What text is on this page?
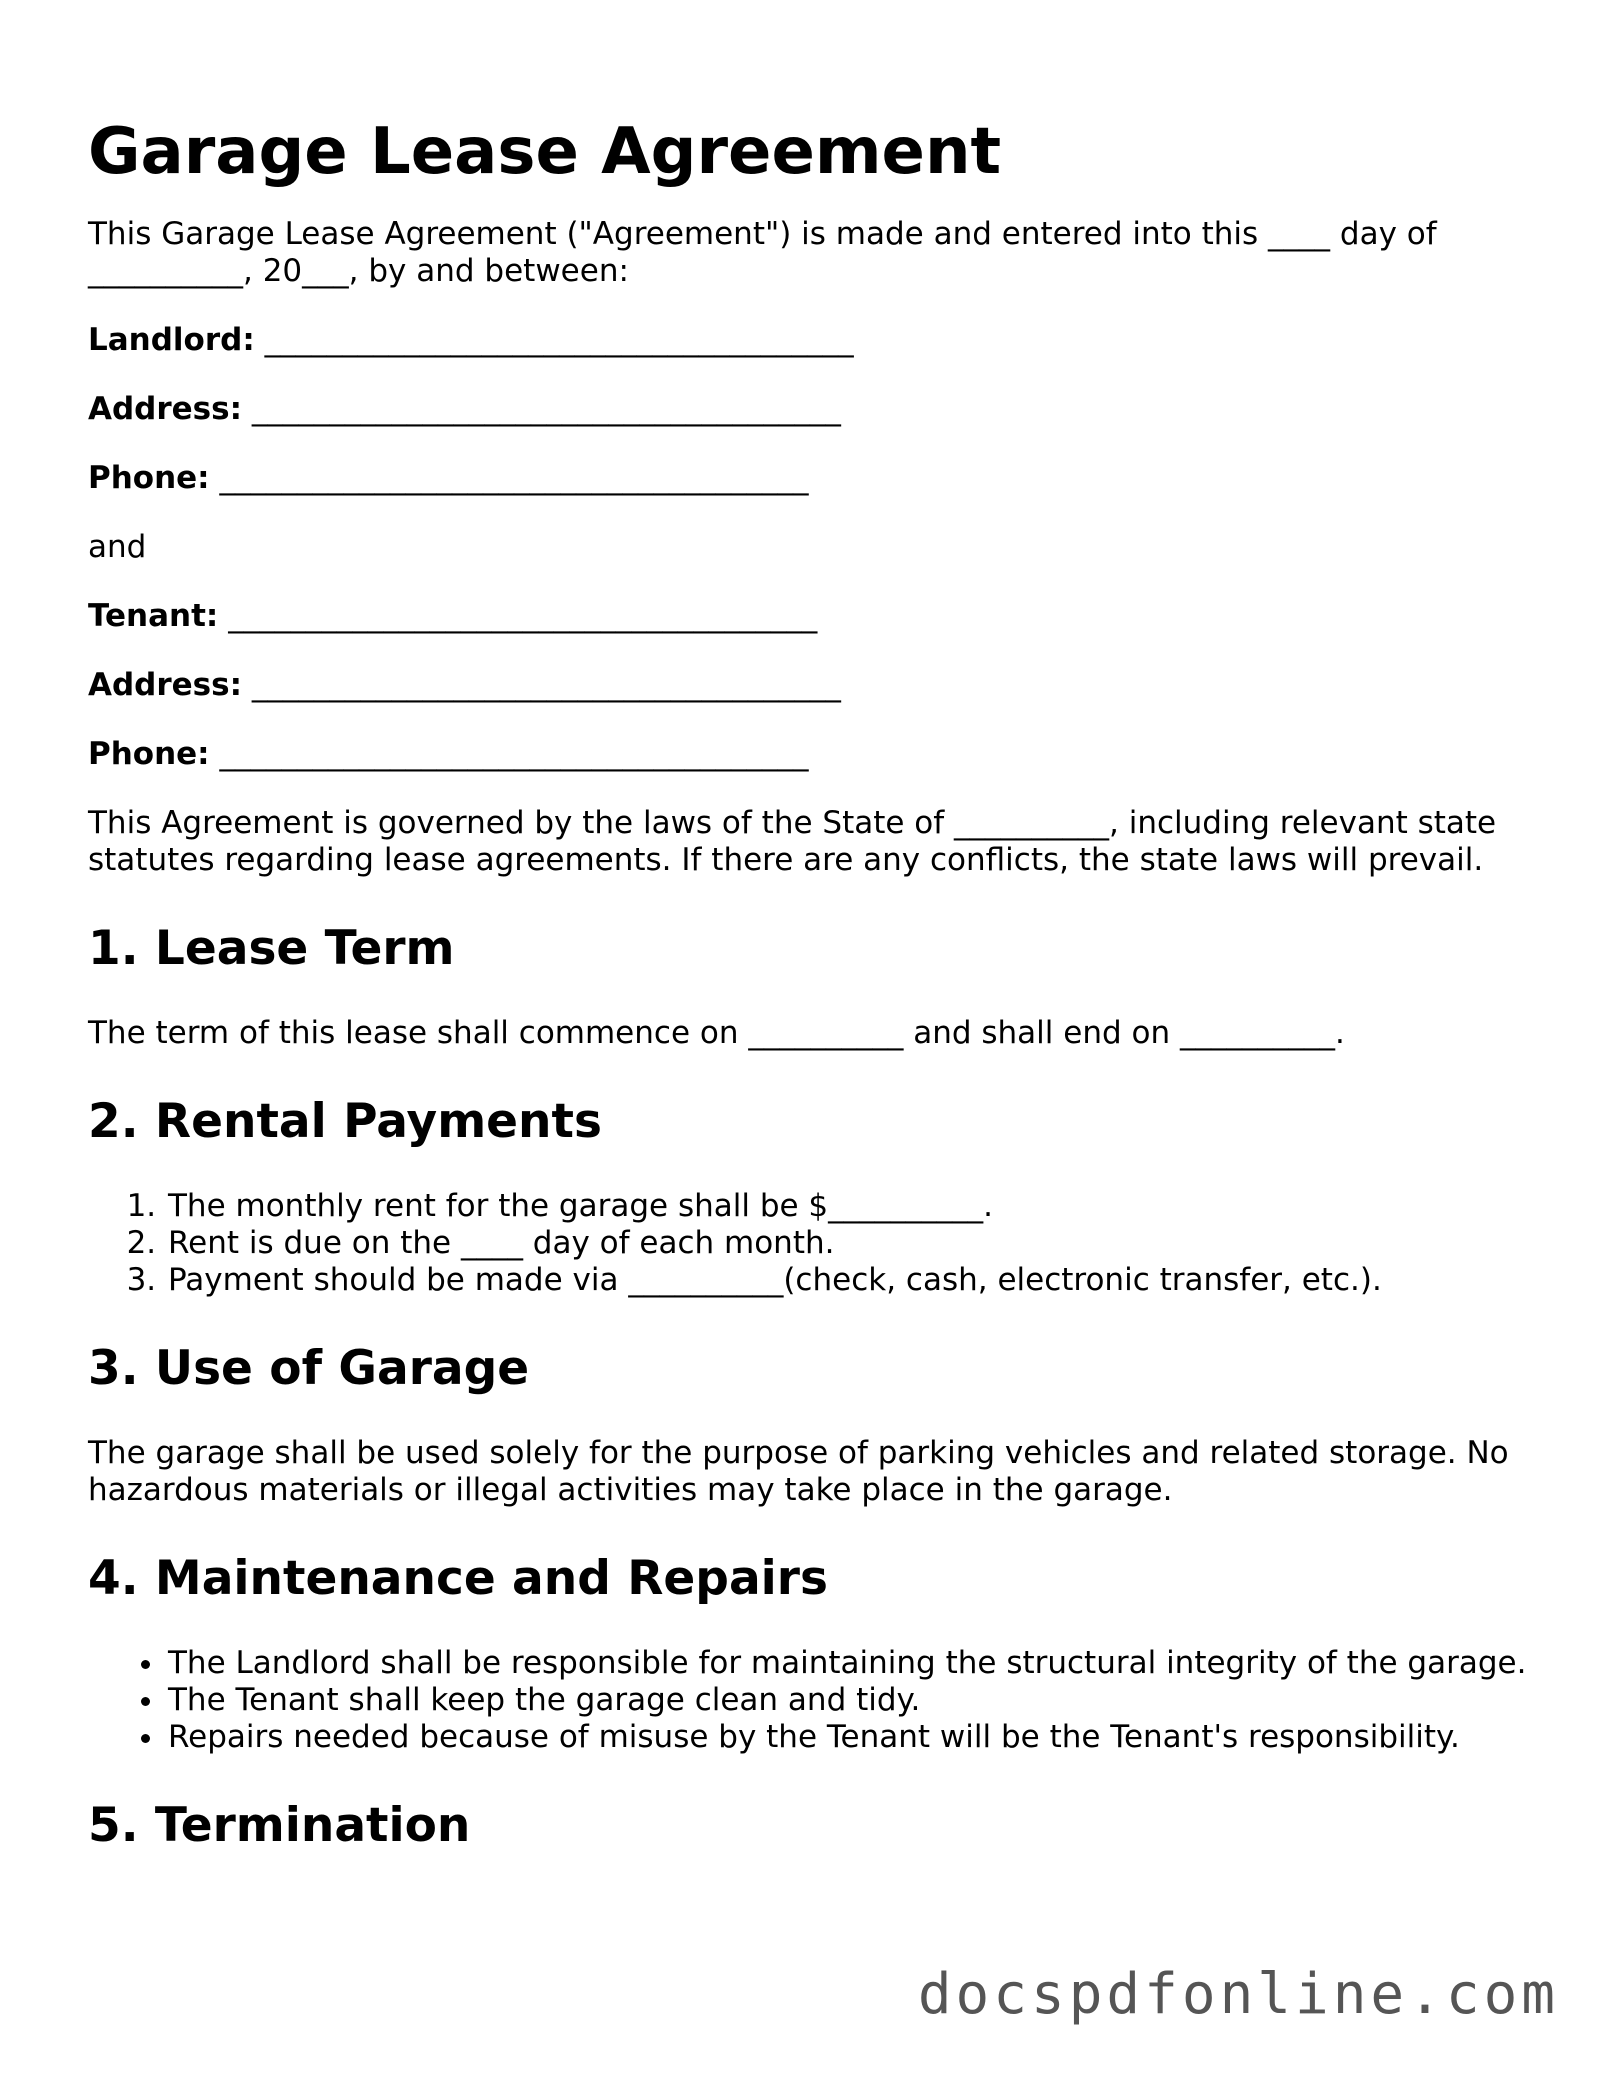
Garage Lease Agreement

This Garage Lease Agreement ("Agreement") is made and entered into this ____ day of __________, 20___, by and between:

Landlord: ______________________________________
Address: ______________________________________
Phone: ______________________________________

and

Tenant: ______________________________________
Address: ______________________________________
Phone: ______________________________________

This Agreement is governed by the laws of the State of __________, including relevant state statutes regarding lease agreements. If there are any conflicts, the state laws will prevail.

1. Lease Term

The term of this lease shall commence on __________ and shall end on __________.

2. Rental Payments
1. The monthly rent for the garage shall be $__________.
2. Rent is due on the ____ day of each month.
3. Payment should be made via __________(check, cash, electronic transfer, etc.).
3. Use of Garage

The garage shall be used solely for the purpose of parking vehicles and related storage. No hazardous materials or illegal activities may take place in the garage.

4. Maintenance and Repairs
• The Landlord shall be responsible for maintaining the structural integrity of the garage.
• The Tenant shall keep the garage clean and tidy.
• Repairs needed because of misuse by the Tenant will be the Tenant's responsibility.
5. Termination
docspdfonline.com
